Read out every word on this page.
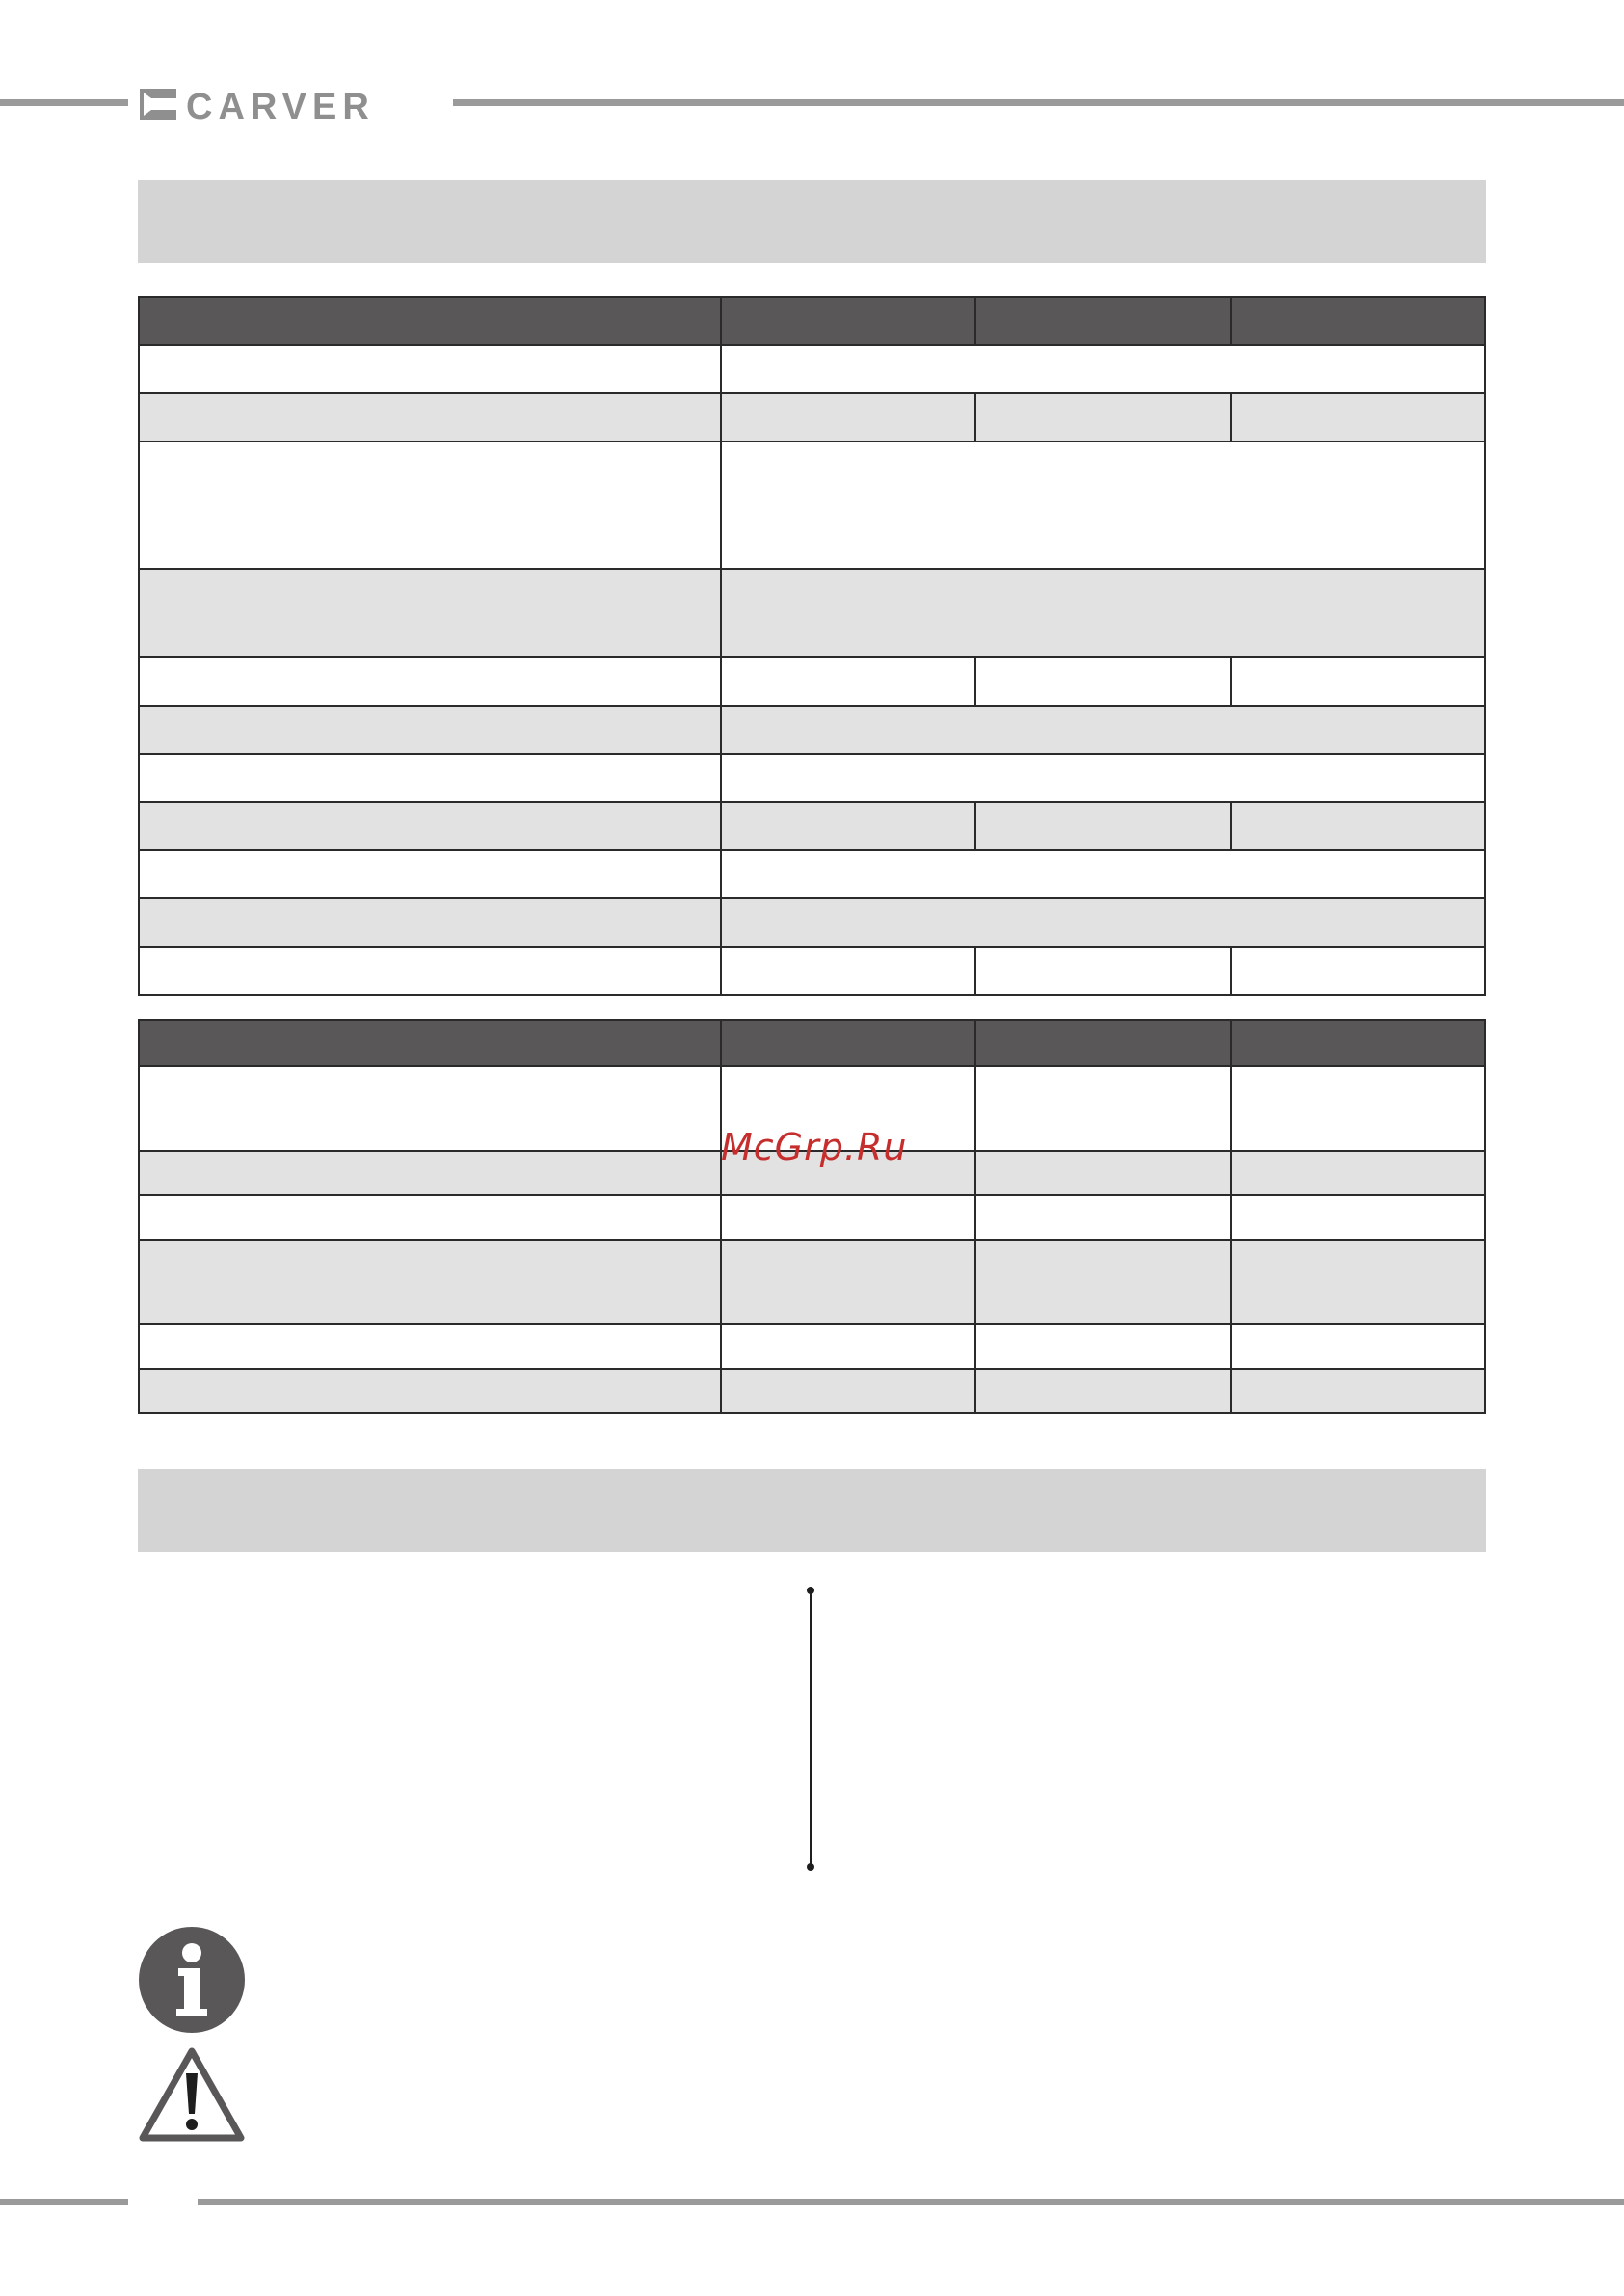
CARVER

McGrp.Ru
